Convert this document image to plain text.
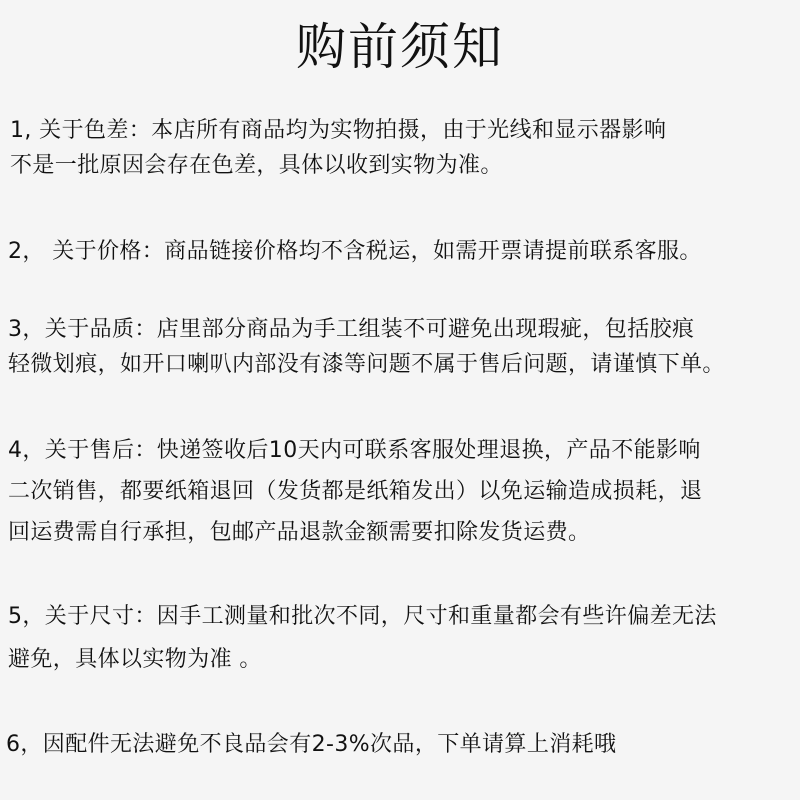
购前须知
1, 关于色差：本店所有商品均为实物拍摄，由于光线和显示器影响
不是一批原因会存在色差，具体以收到实物为准。
2， 关于价格：商品链接价格均不含税运，如需开票请提前联系客服。
3，关于品质：店里部分商品为手工组装不可避免出现瑕疵，包括胶痕
轻微划痕，如开口喇叭内部没有漆等问题不属于售后问题，请谨慎下单。
4，关于售后：快递签收后10天内可联系客服处理退换，产品不能影响
二次销售，都要纸箱退回（发货都是纸箱发出）以免运输造成损耗，退
回运费需自行承担，包邮产品退款金额需要扣除发货运费。
5，关于尺寸：因手工测量和批次不同，尺寸和重量都会有些许偏差无法
避免，具体以实物为准 。
6，因配件无法避免不良品会有2-3%次品，下单请算上消耗哦
